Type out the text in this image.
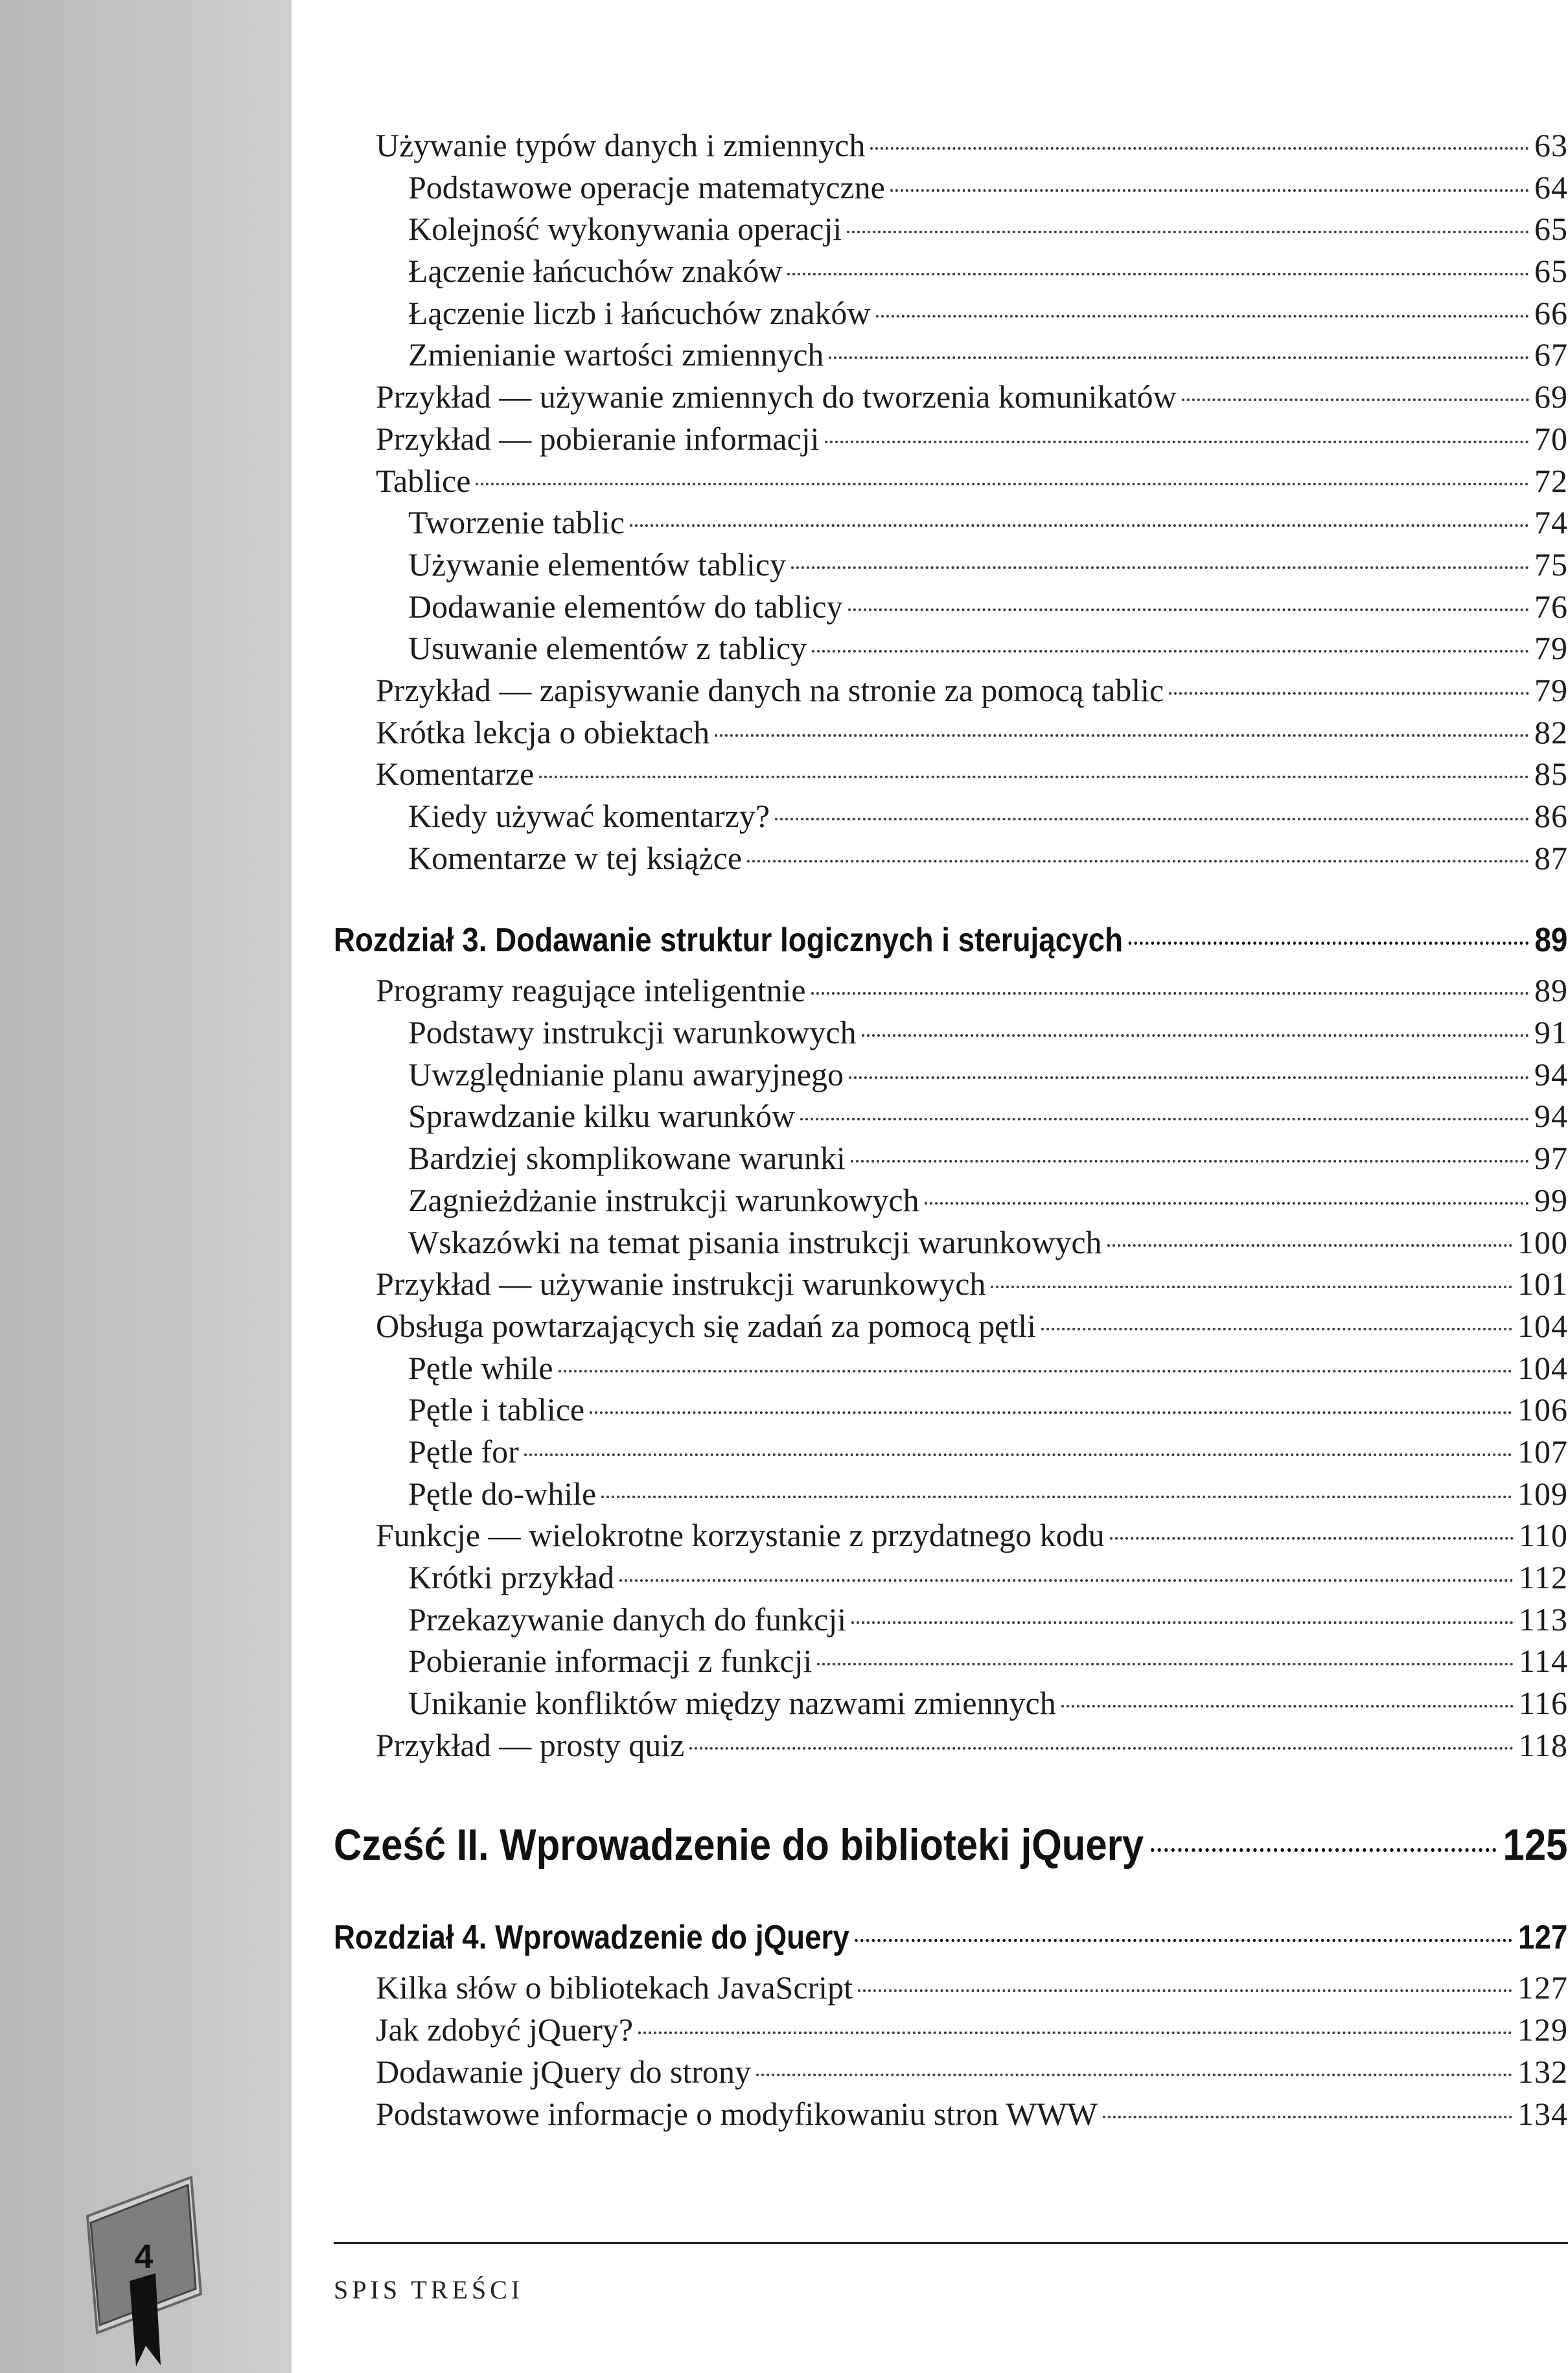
Używanie typów danych i zmiennych	63
Podstawowe operacje matematyczne	64
Kolejność wykonywania operacji	65
Łączenie łańcuchów znaków	65
Łączenie liczb i łańcuchów znaków	66
Zmienianie wartości zmiennych	67
Przykład — używanie zmiennych do tworzenia komunikatów	69
Przykład — pobieranie informacji	70
Tablice	72
Tworzenie tablic	74
Używanie elementów tablicy	75
Dodawanie elementów do tablicy	76
Usuwanie elementów z tablicy	79
Przykład — zapisywanie danych na stronie za pomocą tablic	79
Krótka lekcja o obiektach	82
Komentarze	85
Kiedy używać komentarzy?	86
Komentarze w tej książce	87
Rozdział 3. Dodawanie struktur logicznych i sterujących	89
Programy reagujące inteligentnie	89
Podstawy instrukcji warunkowych	91
Uwzględnianie planu awaryjnego	94
Sprawdzanie kilku warunków	94
Bardziej skomplikowane warunki	97
Zagnieżdżanie instrukcji warunkowych	99
Wskazówki na temat pisania instrukcji warunkowych	100
Przykład — używanie instrukcji warunkowych	101
Obsługa powtarzających się zadań za pomocą pętli	104
Pętle while	104
Pętle i tablice	106
Pętle for	107
Pętle do-while	109
Funkcje — wielokrotne korzystanie z przydatnego kodu	110
Krótki przykład	112
Przekazywanie danych do funkcji	113
Pobieranie informacji z funkcji	114
Unikanie konfliktów między nazwami zmiennych	116
Przykład — prosty quiz	118
Cześć II. Wprowadzenie do biblioteki jQuery	125
Rozdział 4. Wprowadzenie do jQuery	127
Kilka słów o bibliotekach JavaScript	127
Jak zdobyć jQuery?	129
Dodawanie jQuery do strony	132
Podstawowe informacje o modyfikowaniu stron WWW	134
SPIS TREŚCI
4
